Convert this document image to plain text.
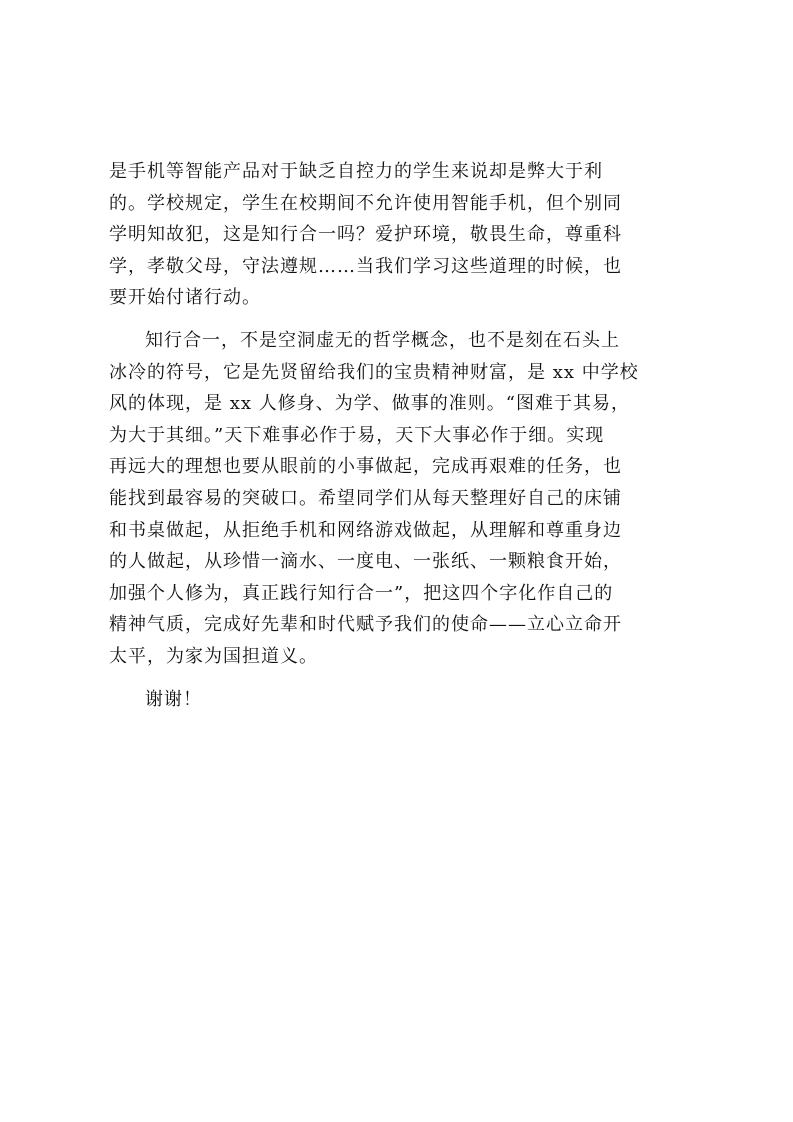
是手机等智能产品对于缺乏自控力的学生来说却是弊大于利
的。学校规定，学生在校期间不允许使用智能手机，但个别同
学明知故犯，这是知行合一吗？爱护环境，敬畏生命，尊重科
学，孝敬父母，守法遵规……当我们学习这些道理的时候，也
要开始付诸行动。

知行合一，不是空洞虚无的哲学概念，也不是刻在石头上
冰冷的符号，它是先贤留给我们的宝贵精神财富，是 xx 中学校
风的体现，是 xx 人修身、为学、做事的准则。“图难于其易，
为大于其细。”天下难事必作于易，天下大事必作于细。实现
再远大的理想也要从眼前的小事做起，完成再艰难的任务，也
能找到最容易的突破口。希望同学们从每天整理好自己的床铺
和书桌做起，从拒绝手机和网络游戏做起，从理解和尊重身边
的人做起，从珍惜一滴水、一度电、一张纸、一颗粮食开始，
加强个人修为，真正践行知行合一”，把这四个字化作自己的
精神气质，完成好先辈和时代赋予我们的使命——立心立命开
太平，为家为国担道义。

谢谢！
